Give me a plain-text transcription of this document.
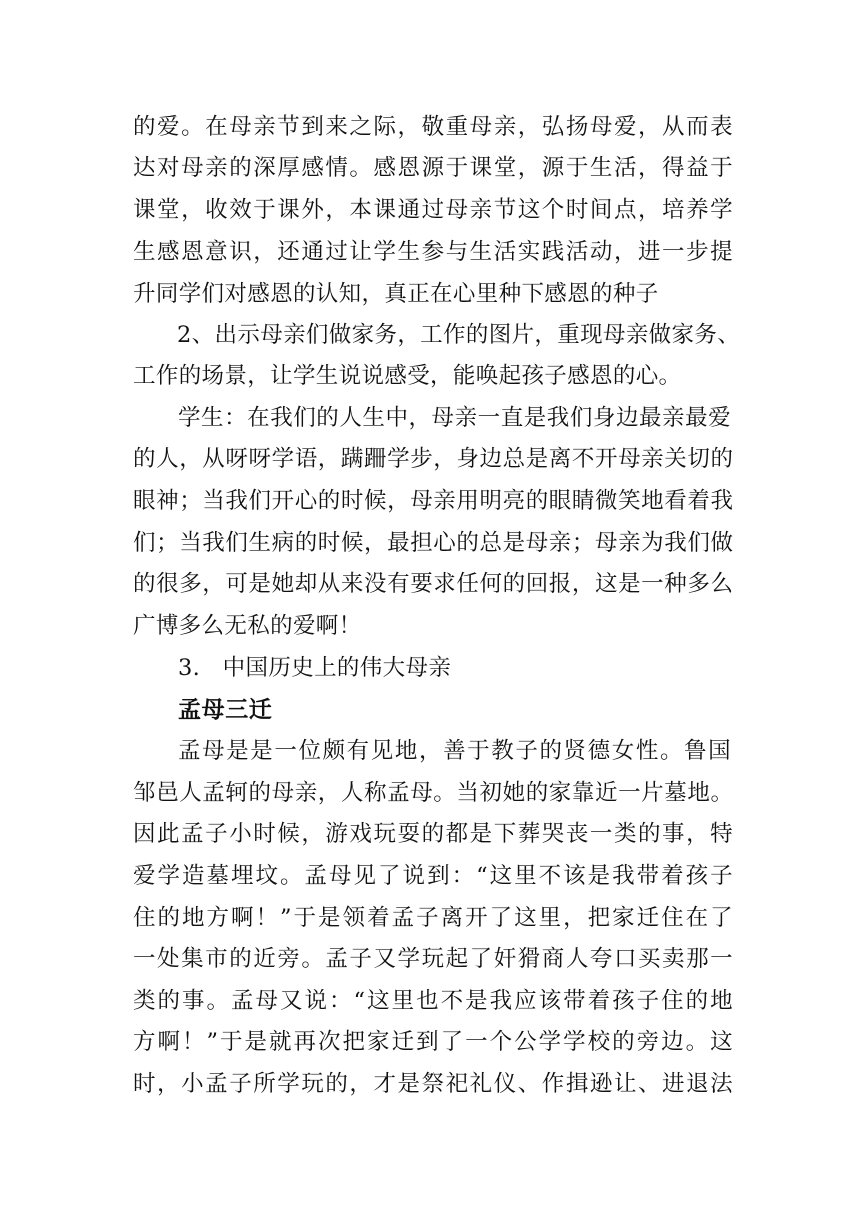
的爱。在母亲节到来之际，敬重母亲，弘扬母爱，从而表
达对母亲的深厚感情。感恩源于课堂，源于生活，得益于
课堂，收效于课外，本课通过母亲节这个时间点，培养学
生感恩意识，还通过让学生参与生活实践活动，进一步提
升同学们对感恩的认知，真正在心里种下感恩的种子
2、出示母亲们做家务，工作的图片，重现母亲做家务、
工作的场景，让学生说说感受，能唤起孩子感恩的心。
学生：在我们的人生中，母亲一直是我们身边最亲最爱
的人，从呀呀学语，蹒跚学步，身边总是离不开母亲关切的
眼神；当我们开心的时候，母亲用明亮的眼睛微笑地看着我
们；当我们生病的时候，最担心的总是母亲；母亲为我们做
的很多，可是她却从来没有要求任何的回报，这是一种多么
广博多么无私的爱啊！
3.   中国历史上的伟大母亲
孟母三迁
孟母是是一位颇有见地，善于教子的贤德女性。鲁国
邹邑人孟轲的母亲，人称孟母。当初她的家靠近一片墓地。
因此孟子小时候，游戏玩耍的都是下葬哭丧一类的事，特
爱学造墓埋坟。孟母见了说到：“这里不该是我带着孩子
住的地方啊！”于是领着孟子离开了这里，把家迁住在了
一处集市的近旁。孟子又学玩起了奸猾商人夸口买卖那一
类的事。孟母又说：“这里也不是我应该带着孩子住的地
方啊！”于是就再次把家迁到了一个公学学校的旁边。这
时，小孟子所学玩的，才是祭祀礼仪、作揖逊让、进退法
